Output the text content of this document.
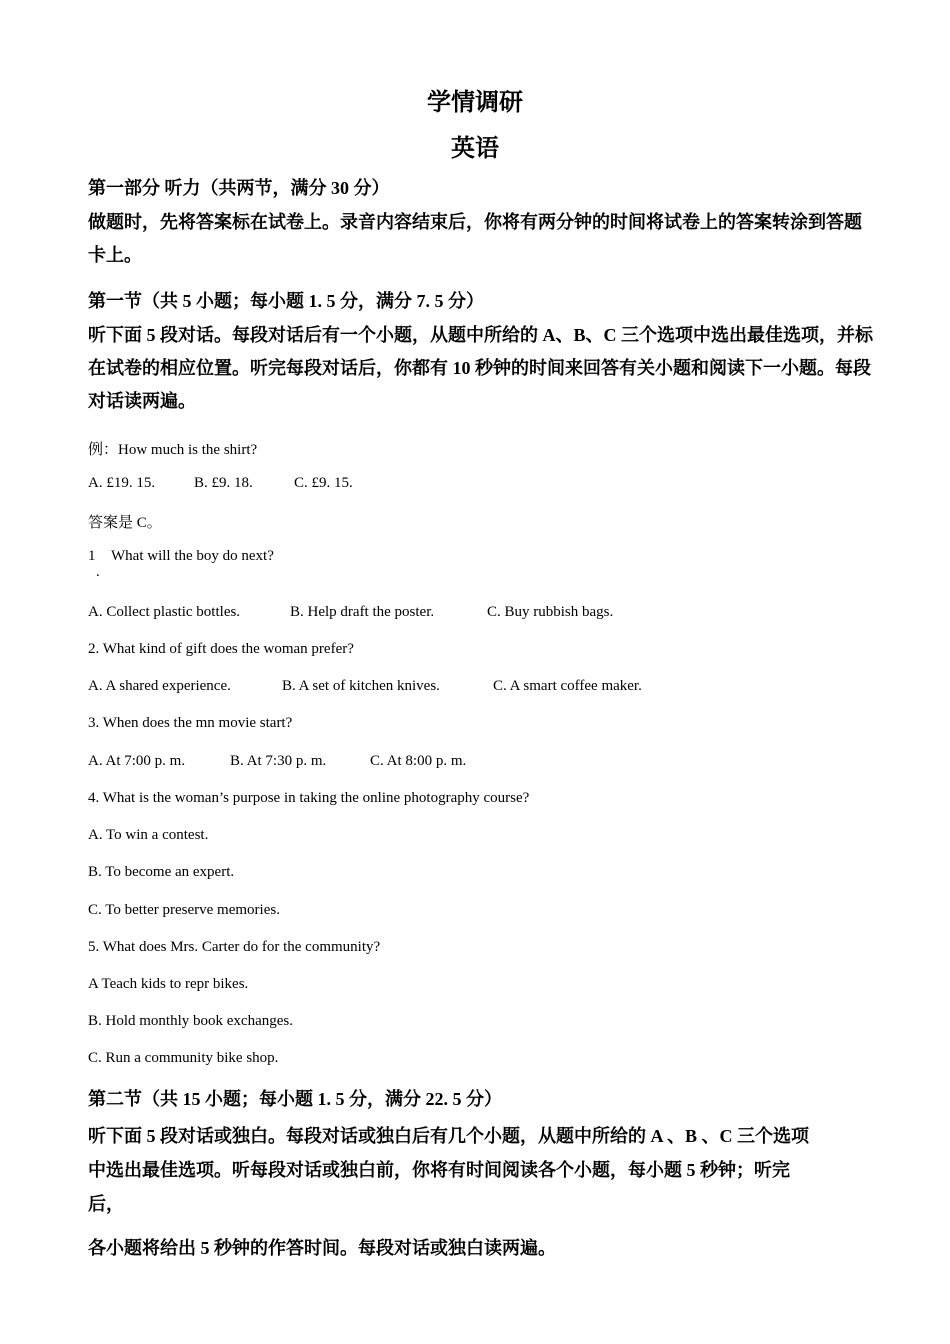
学情调研
英语
第一部分 听力（共两节，满分 30 分）
做题时，先将答案标在试卷上。录音内容结束后，你将有两分钟的时间将试卷上的答案转涂到答题卡上。
第一节（共 5 小题；每小题 1. 5 分，满分 7. 5 分）
听下面 5 段对话。每段对话后有一个小题，从题中所给的 A、B、C 三个选项中选出最佳选项，并标在试卷的相应位置。听完每段对话后，你都有 10 秒钟的时间来回答有关小题和阅读下一小题。每段对话读两遍。
例：How much is the shirt?
A. £19. 15.	B. £9. 18.	C. £9. 15.
答案是 C。
1
.
What will the boy do next?
A. Collect plastic bottles.	B. Help draft the poster.	C. Buy rubbish bags.
2. What kind of gift does the woman prefer?
A. A shared experience.	B. A set of kitchen knives.	C. A smart coffee maker.
3. When does the mn movie start?
A. At 7:00 p. m.	B. At 7:30 p. m.	C. At 8:00 p. m.
4. What is the woman’s purpose in taking the online photography course?
A. To win a contest.
B. To become an expert.
C. To better preserve memories.
5. What does Mrs. Carter do for the community?
A Teach kids to repr bikes.
B. Hold monthly book exchanges.
C. Run a community bike shop.
第二节（共 15 小题；每小题 1. 5 分，满分 22. 5 分）
听下面 5 段对话或独白。每段对话或独白后有几个小题，从题中所给的 A 、B 、C 三个选项
中选出最佳选项。听每段对话或独白前，你将有时间阅读各个小题，每小题 5 秒钟；听完
后，
各小题将给出 5 秒钟的作答时间。每段对话或独白读两遍。
